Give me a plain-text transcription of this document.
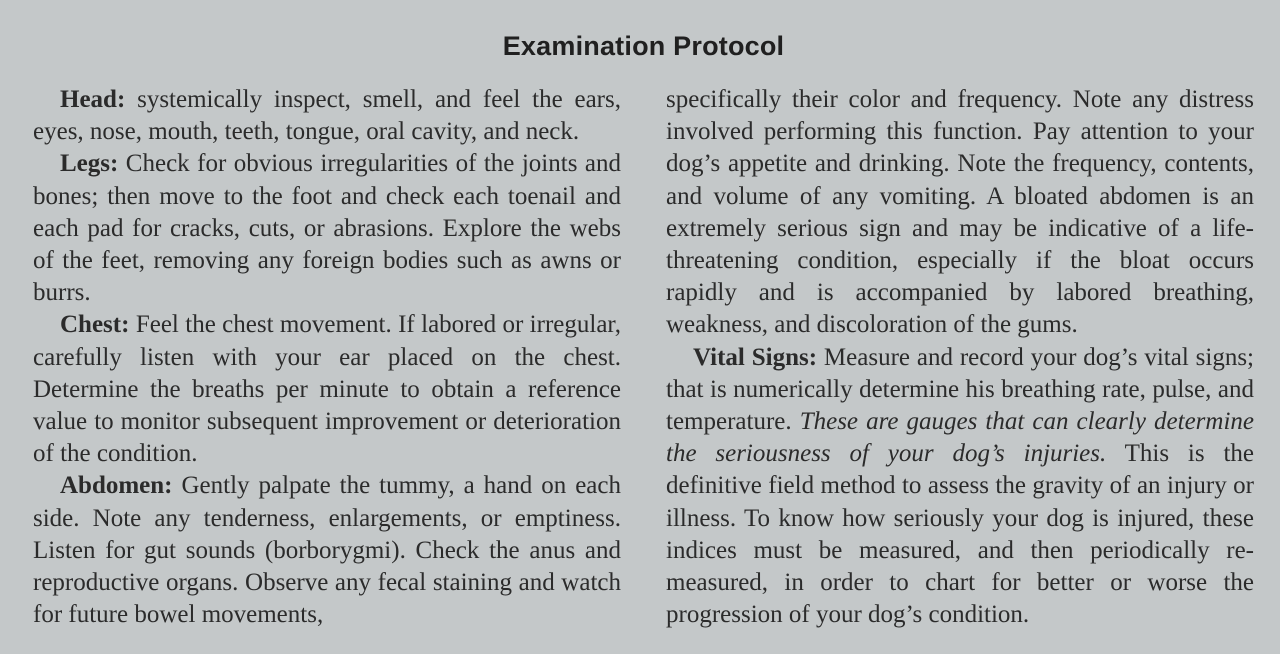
Examination Protocol

Head: systemically inspect, smell, and feel the ears, eyes, nose, mouth, teeth, tongue, oral cavity, and neck.

Legs: Check for obvious irregularities of the joints and bones; then move to the foot and check each toenail and each pad for cracks, cuts, or abrasions. Explore the webs of the feet, removing any foreign bodies such as awns or burrs.

Chest: Feel the chest movement. If labored or irregular, carefully listen with your ear placed on the chest. Determine the breaths per minute to obtain a reference value to monitor subsequent improvement or deterioration of the condition.

Abdomen: Gently palpate the tummy, a hand on each side. Note any tenderness, enlargements, or emptiness. Listen for gut sounds (borborygmi). Check the anus and reproductive organs. Observe any fecal staining and watch for future bowel movements,

specifically their color and frequency. Note any distress involved performing this function. Pay attention to your dog’s appetite and drinking. Note the frequency, contents, and volume of any vomiting. A bloated abdomen is an extremely serious sign and may be indicative of a life-threatening condition, especially if the bloat occurs rapidly and is accompanied by labored breathing, weakness, and discoloration of the gums.

Vital Signs: Measure and record your dog’s vital signs; that is numerically determine his breathing rate, pulse, and temperature. These are gauges that can clearly determine the seriousness of your dog’s injuries. This is the definitive field method to assess the gravity of an injury or illness. To know how seriously your dog is injured, these indices must be measured, and then periodically re-measured, in order to chart for better or worse the progression of your dog’s condition.
